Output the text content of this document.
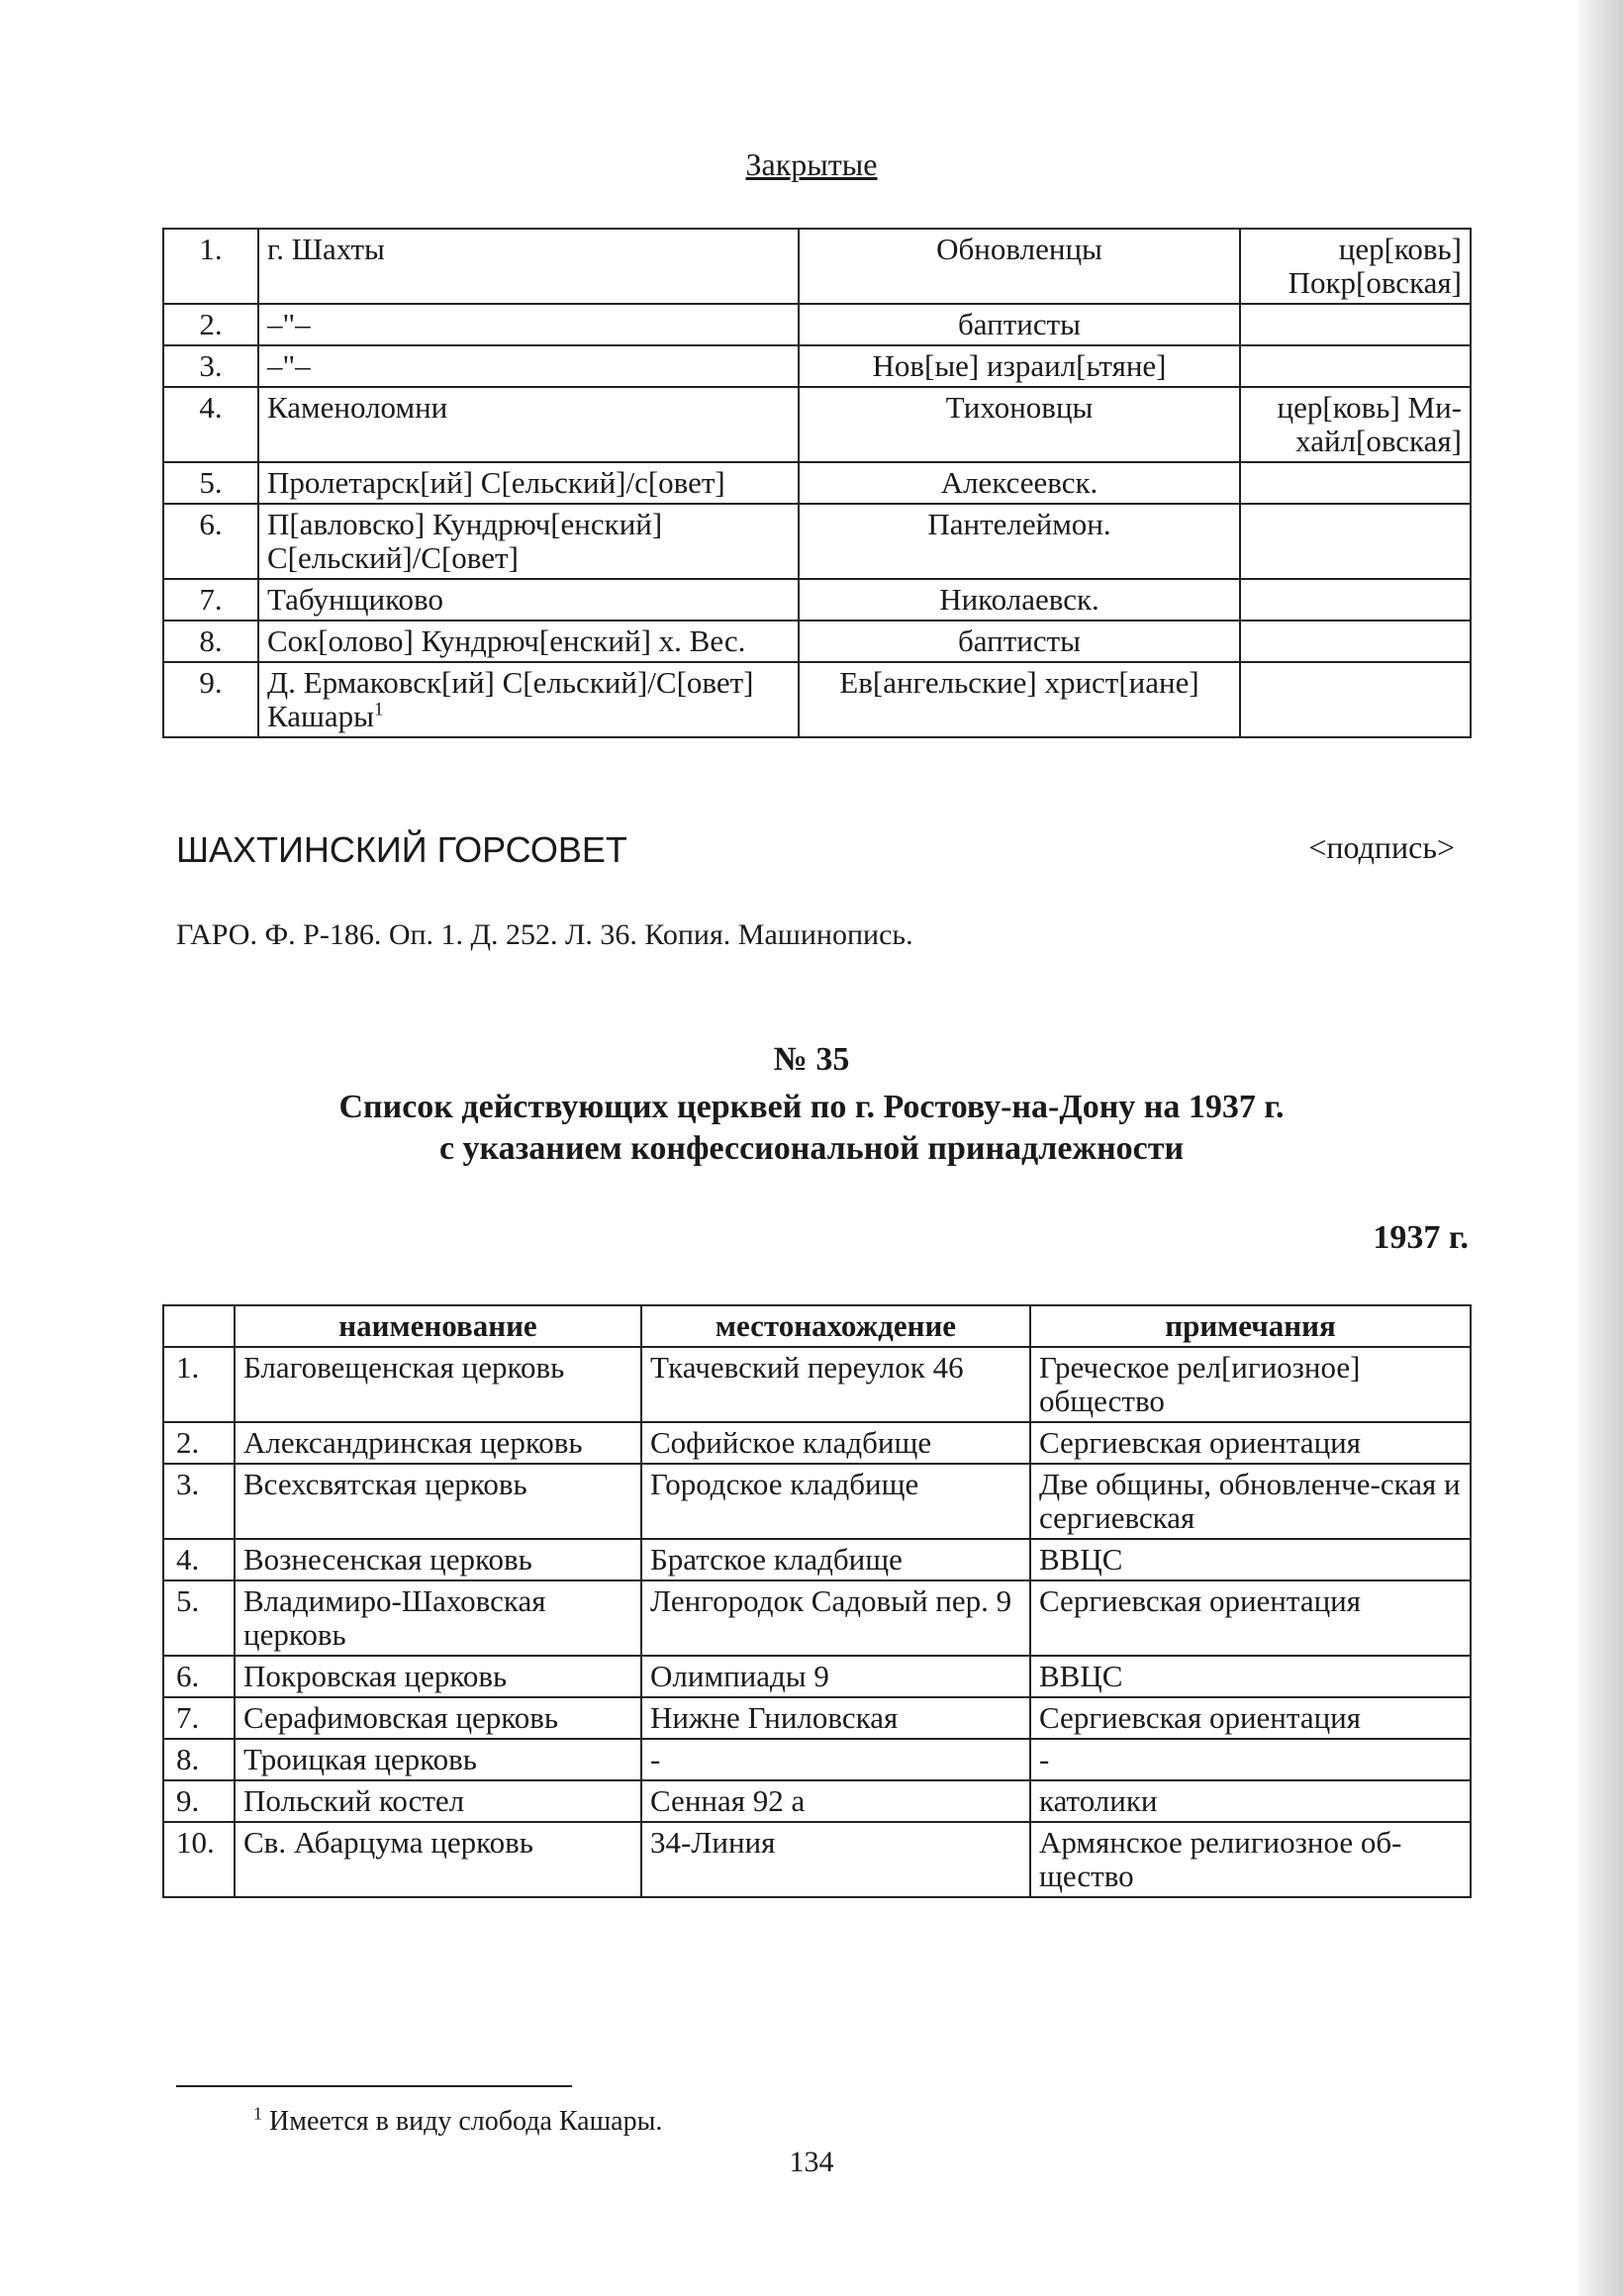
Закрытые
1.	г. Шахты	Обновленцы	цер[ковь] Покр[овская]
2.	–"–	баптисты	
3.	–"–	Нов[ые] израил[ьтяне]	
4.	Каменоломни	Тихоновцы	цер[ковь] Ми-хайл[овская]
5.	Пролетарск[ий] С[ельский]/с[овет]	Алексеевск.	
6.	П[авловско] Кундрюч[енский] С[ельский]/С[овет]	Пантелеймон.	
7.	Табунщиково	Николаевск.	
8.	Сок[олово] Кундрюч[енский] х. Вес.	баптисты	
9.	Д. Ермаковск[ий] С[ельский]/С[овет] Кашары$^1$	Ев[ангельские] христ[иане]	
ШАХТИНСКИЙ ГОРСОВЕТ	<подпись>
ГАРО. Ф. Р-186. Оп. 1. Д. 252. Л. 36. Копия. Машинопись.
№ 35
Список действующих церквей по г. Ростову-на-Дону на 1937 г.
с указанием конфессиональной принадлежности
1937 г.
	наименование	местонахождение	примечания
1.	Благовещенская церковь	Ткачевский переулок 46	Греческое рел[игиозное] общество
2.	Александринская церковь	Софийское кладбище	Сергиевская ориентация
3.	Всехсвятская церковь	Городское кладбище	Две общины, обновленче-ская и сергиевская
4.	Вознесенская церковь	Братское кладбище	ВВЦС
5.	Владимиро-Шаховская церковь	Ленгородок Садовый пер. 9	Сергиевская ориентация
6.	Покровская церковь	Олимпиады 9	ВВЦС
7.	Серафимовская церковь	Нижне Гниловская	Сергиевская ориентация
8.	Троицкая церковь	-	-
9.	Польский костел	Сенная 92 а	католики
10.	Св. Абарцума церковь	34-Линия	Армянское религиозное об-щество
$^1$ Имеется в виду слобода Кашары.
134
